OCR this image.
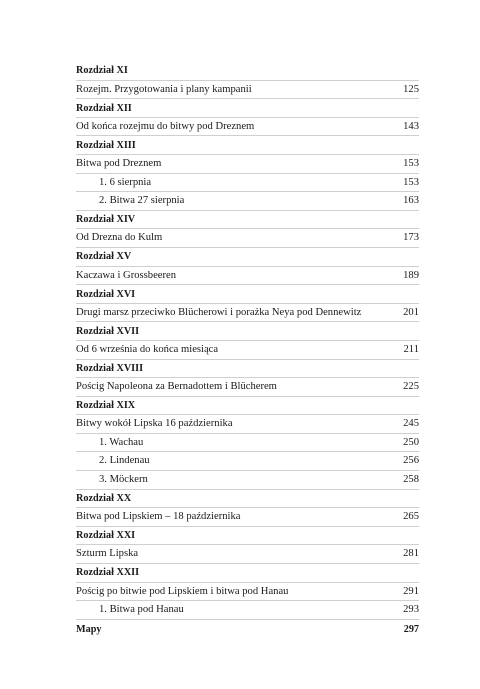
Rozdział XI
Rozejm. Przygotowania i plany kampanii	125
Rozdział XII
Od końca rozejmu do bitwy pod Dreznem	143
Rozdział XIII
Bitwa pod Dreznem	153
1. 6 sierpnia	153
2. Bitwa 27 sierpnia	163
Rozdział XIV
Od Drezna do Kulm	173
Rozdział XV
Kaczawa i Grossbeeren	189
Rozdział XVI
Drugi marsz przeciwko Blücherowi i porażka Neya pod Dennewitz	201
Rozdział XVII
Od 6 września do końca miesiąca	211
Rozdział XVIII
Pościg Napoleona za Bernadottem i Blücherem	225
Rozdział XIX
Bitwy wokół Lipska 16 października	245
1. Wachau	250
2. Lindenau	256
3. Möckern	258
Rozdział XX
Bitwa pod Lipskiem – 18 października	265
Rozdział XXI
Szturm Lipska	281
Rozdział XXII
Pościg po bitwie pod Lipskiem i bitwa pod Hanau	291
1. Bitwa pod Hanau	293
Mapy	297
